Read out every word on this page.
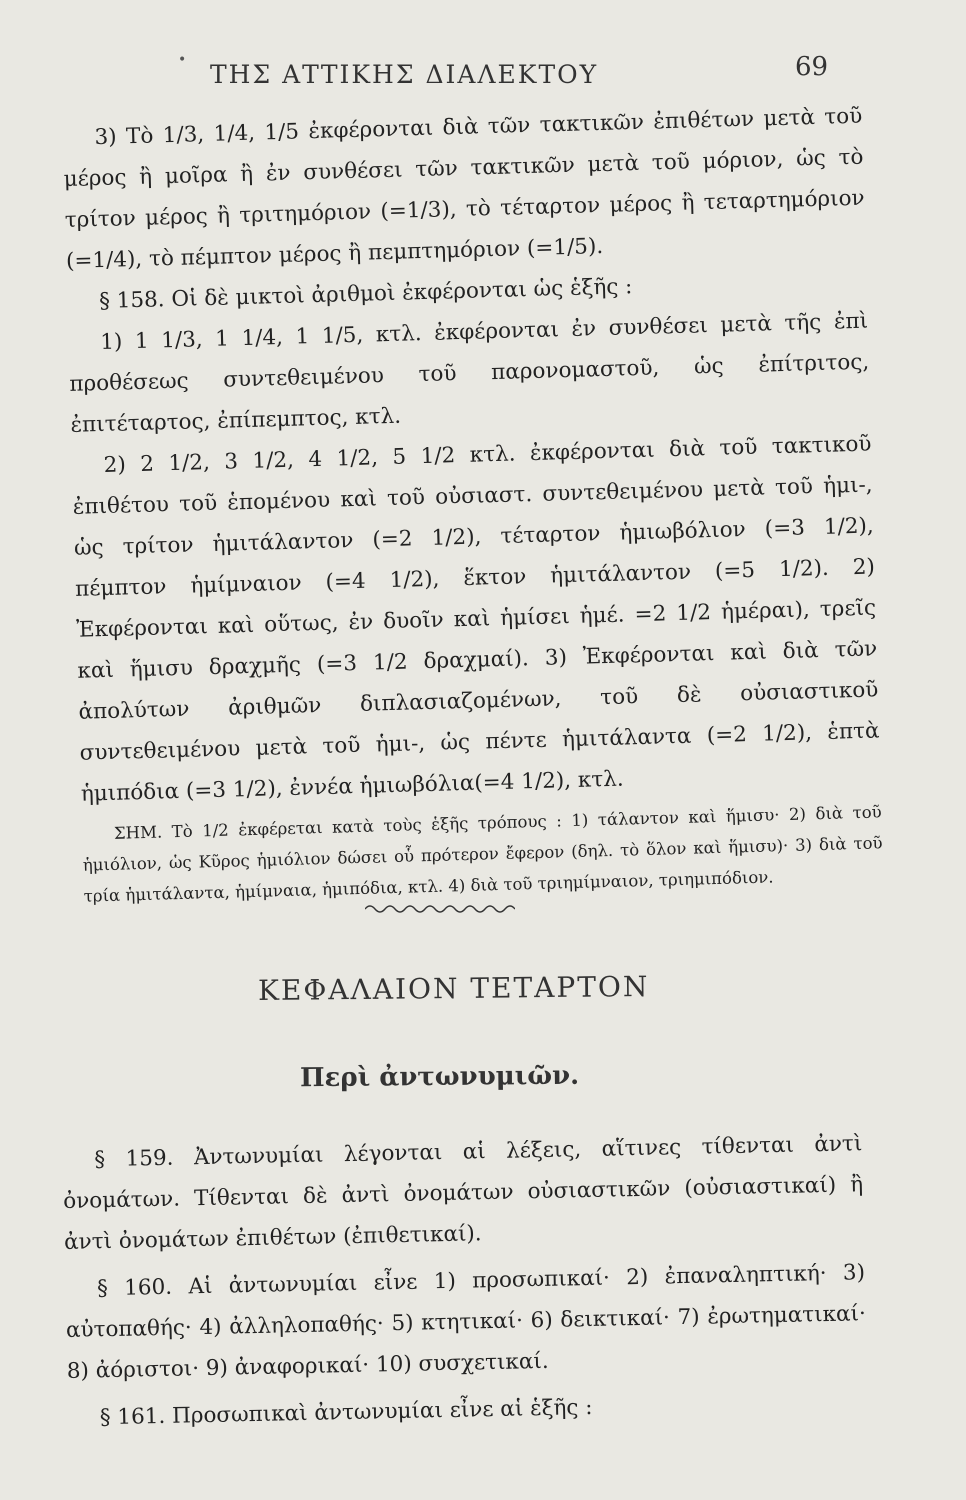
• ΤΗΣ ΑΤΤΙΚΗΣ ΔΙΑΛΕΚΤΟΥ	69

3) Τὸ 1/3, 1/4, 1/5 ἐκφέρονται διὰ τῶν τακτικῶν ἐπιθέτων μετὰ τοῦ μέρος ἢ μοῖρα ἢ ἐν συνθέσει τῶν τακτικῶν μετὰ τοῦ μόριον, ὡς τὸ τρίτον μέρος ἢ τριτημόριον (=1/3), τὸ τέταρτον μέρος ἢ τεταρτημόριον (=1/4), τὸ πέμπτον μέρος ἢ πεμπτημόριον (=1/5).

§ 158. Οἱ δὲ μικτοὶ ἀριθμοὶ ἐκφέρονται ὡς ἑξῆς :

1) 1 1/3, 1 1/4, 1 1/5, κτλ. ἐκφέρονται ἐν συνθέσει μετὰ τῆς ἐπὶ προθέσεως συντεθειμένου τοῦ παρονομαστοῦ, ὡς ἐπίτριτος, ἐπιτέταρτος, ἐπίπεμπτος, κτλ.

2) 2 1/2, 3 1/2, 4 1/2, 5 1/2 κτλ. ἐκφέρονται διὰ τοῦ τακτικοῦ ἐπιθέτου τοῦ ἑπομένου καὶ τοῦ οὐσιαστ. συντεθειμένου μετὰ τοῦ ἡμι-, ὡς τρίτον ἡμιτάλαντον (=2 1/2), τέταρτον ἡμιωβόλιον (=3 1/2), πέμπτον ἡμίμναιον (=4 1/2), ἕκτον ἡμιτάλαντον (=5 1/2). 2) Ἐκφέρονται καὶ οὕτως, ἐν δυοῖν καὶ ἡμίσει ἡμέ. =2 1/2 ἡμέραι), τρεῖς καὶ ἥμισυ δραχμῆς (=3 1/2 δραχμαί). 3) Ἐκφέρονται καὶ διὰ τῶν ἀπολύτων ἀριθμῶν διπλασιαζομένων, τοῦ δὲ οὐσιαστικοῦ συντεθειμένου μετὰ τοῦ ἡμι-, ὡς πέντε ἡμιτάλαντα (=2 1/2), ἑπτὰ ἡμιπόδια (=3 1/2), ἐννέα ἡμιωβόλια(=4 1/2), κτλ.

ΣΗΜ. Τὸ 1/2 ἐκφέρεται κατὰ τοὺς ἑξῆς τρόπους : 1) τάλαντον καὶ ἥμισυ· 2) διὰ τοῦ ἡμιόλιον, ὡς Κῦρος ἡμιόλιον δώσει οὗ πρότερον ἔφερον (δηλ. τὸ ὅλον καὶ ἥμισυ)· 3) διὰ τοῦ τρία ἡμιτάλαντα, ἡμίμναια, ἡμιπόδια, κτλ. 4) διὰ τοῦ τριημίμναιον, τριημιπόδιον.

ΚΕΦΑΛΑΙΟΝ ΤΕΤΑΡΤΟΝ
Περὶ ἀντωνυμιῶν.

§ 159. Ἀντωνυμίαι λέγονται αἱ λέξεις, αἵτινες τίθενται ἀντὶ ὀνομάτων. Τίθενται δὲ ἀντὶ ὀνομάτων οὐσιαστικῶν (οὐσιαστικαί) ἢ ἀντὶ ὀνομάτων ἐπιθέτων (ἐπιθετικαί).

§ 160. Αἱ ἀντωνυμίαι εἶνε 1) προσωπικαί· 2) ἐπαναληπτική· 3) αὐτοπαθής· 4) ἀλληλοπαθής· 5) κτητικαί· 6) δεικτικαί· 7) ἐρωτηματικαί· 8) ἀόριστοι· 9) ἀναφορικαί· 10) συσχετικαί.

§ 161. Προσωπικαὶ ἀντωνυμίαι εἶνε αἱ ἑξῆς :
